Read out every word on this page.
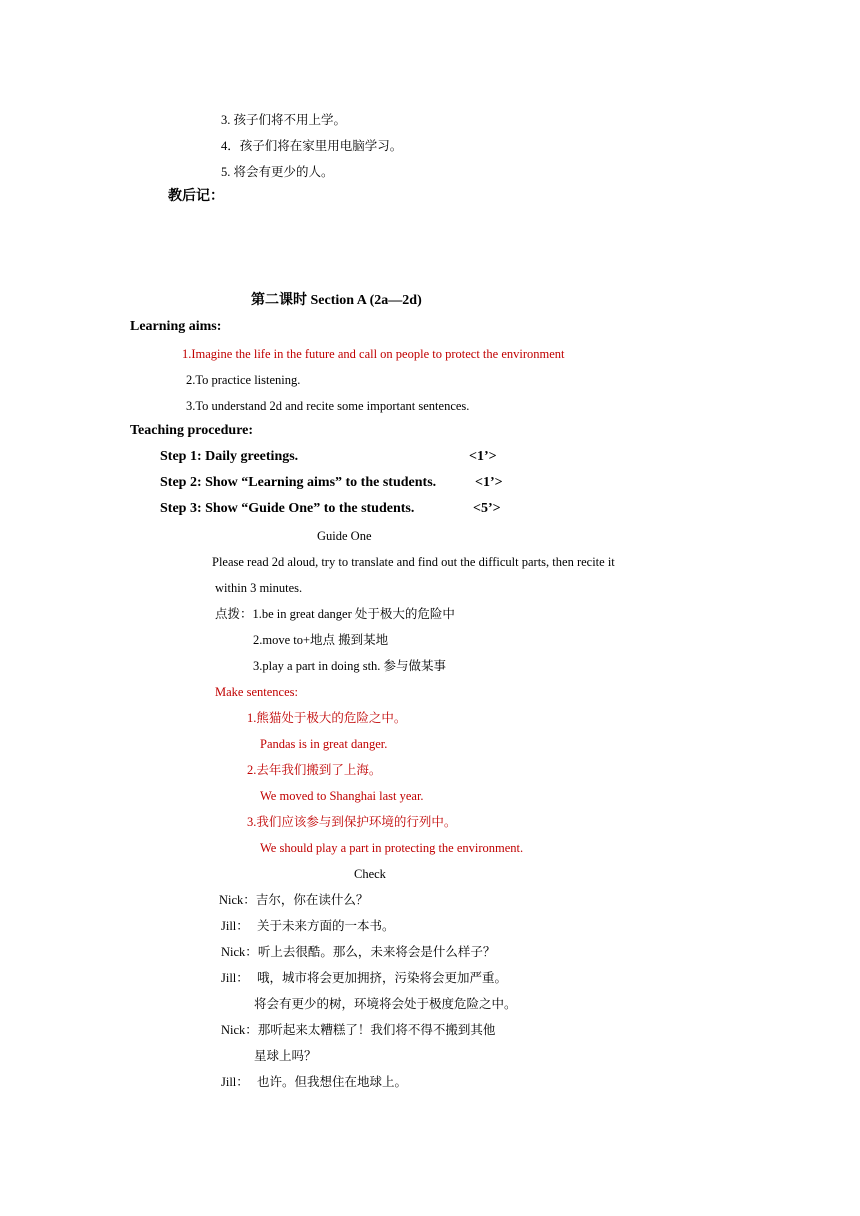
3. 孩子们将不用上学。
4．孩子们将在家里用电脑学习。
5. 将会有更少的人。
教后记：
第二课时 Section A (2a—2d)
Learning aims:
1.Imagine the life in the future and call on people to protect the environment
2.To practice listening.
3.To understand 2d and recite some important sentences.
Teaching procedure:
Step 1: Daily greetings.	<1’>
Step 2: Show “Learning aims” to the students.	<1’>
Step 3: Show “Guide One” to the students.	<5’>
Guide One
Please read 2d aloud, try to translate and find out the difficult parts, then recite it
within 3 minutes.
点拨：1.be in great danger 处于极大的危险中
2.move to+地点 搬到某地
3.play a part in doing sth. 参与做某事
Make sentences:
1.熊猫处于极大的危险之中。
Pandas is in great danger.
2.去年我们搬到了上海。
We moved to Shanghai last year.
3.我们应该参与到保护环境的行列中。
We should play a part in protecting the environment.
Check
Nick：吉尔，你在读什么？
Jill： 关于未来方面的一本书。
Nick：听上去很酷。那么，未来将会是什么样子？
Jill： 哦，城市将会更加拥挤，污染将会更加严重。
将会有更少的树，环境将会处于极度危险之中。
Nick：那听起来太糟糕了！我们将不得不搬到其他
星球上吗？
Jill： 也许。但我想住在地球上。
